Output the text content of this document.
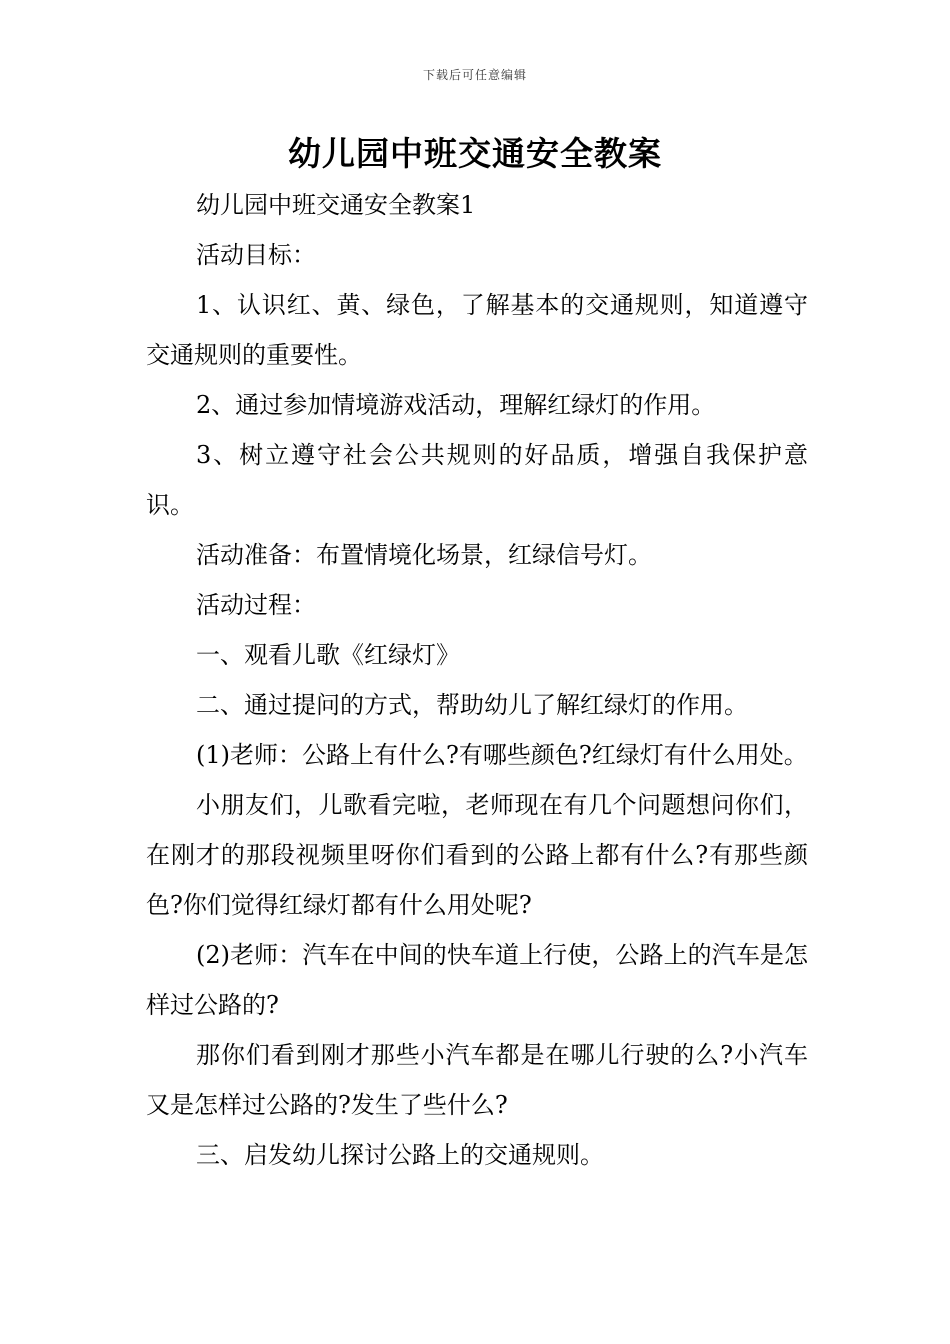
下载后可任意编辑
幼儿园中班交通安全教案

幼儿园中班交通安全教案1

活动目标：

1、认识红、黄、绿色，了解基本的交通规则，知道遵守交通规则的重要性。

2、通过参加情境游戏活动，理解红绿灯的作用。

3、树立遵守社会公共规则的好品质，增强自我保护意识。

活动准备：布置情境化场景，红绿信号灯。

活动过程：

一、观看儿歌《红绿灯》

二、通过提问的方式，帮助幼儿了解红绿灯的作用。

(1)老师：公路上有什么?有哪些颜色?红绿灯有什么用处。

小朋友们，儿歌看完啦，老师现在有几个问题想问你们，在刚才的那段视频里呀你们看到的公路上都有什么?有那些颜色?你们觉得红绿灯都有什么用处呢?

(2)老师：汽车在中间的快车道上行使，公路上的汽车是怎样过公路的?

那你们看到刚才那些小汽车都是在哪儿行驶的么?小汽车又是怎样过公路的?发生了些什么?

三、启发幼儿探讨公路上的交通规则。
